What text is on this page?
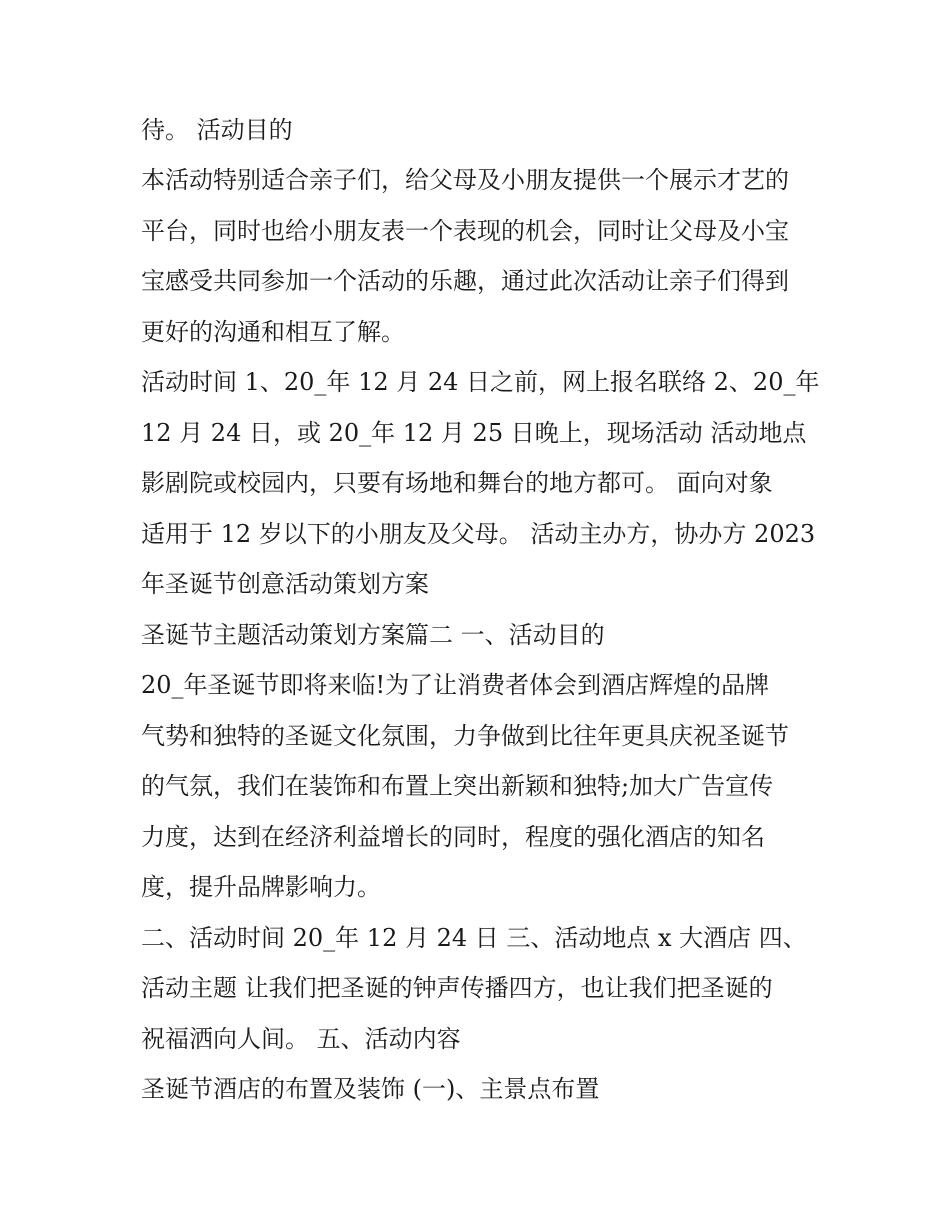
待。 活动目的
本活动特别适合亲子们，给父母及小朋友提供一个展示才艺的
平台，同时也给小朋友表一个表现的机会，同时让父母及小宝
宝感受共同参加一个活动的乐趣，通过此次活动让亲子们得到
更好的沟通和相互了解。
活动时间 1、20_年 12 月 24 日之前，网上报名联络 2、20_年
12 月 24 日，或 20_年 12 月 25 日晚上，现场活动 活动地点
影剧院或校园内，只要有场地和舞台的地方都可。 面向对象
适用于 12 岁以下的小朋友及父母。 活动主办方，协办方 2023
年圣诞节创意活动策划方案
圣诞节主题活动策划方案篇二 一、活动目的
20_年圣诞节即将来临!为了让消费者体会到酒店辉煌的品牌
气势和独特的圣诞文化氛围，力争做到比往年更具庆祝圣诞节
的气氛，我们在装饰和布置上突出新颖和独特;加大广告宣传
力度，达到在经济利益增长的同时，程度的强化酒店的知名
度，提升品牌影响力。
二、活动时间 20_年 12 月 24 日 三、活动地点 x 大酒店 四、
活动主题 让我们把圣诞的钟声传播四方，也让我们把圣诞的
祝福洒向人间。 五、活动内容
圣诞节酒店的布置及装饰 (一)、主景点布置
